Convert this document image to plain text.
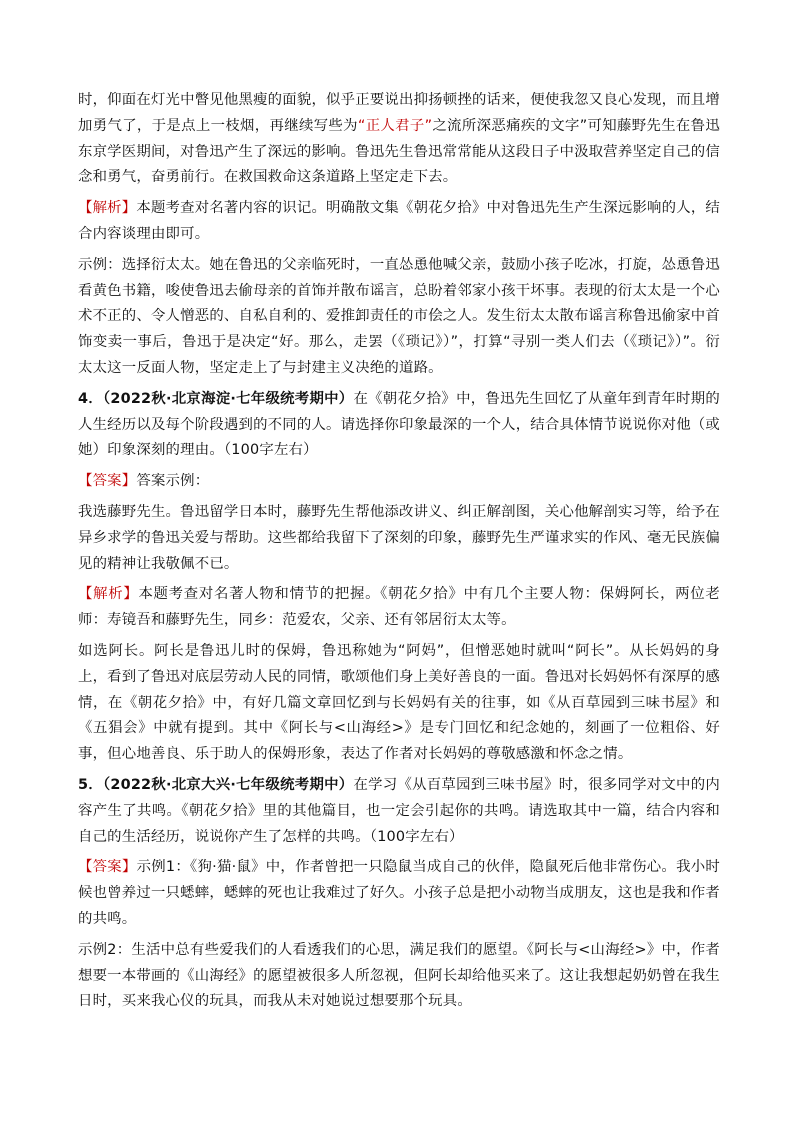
时，仰面在灯光中瞥见他黑瘦的面貌，似乎正要说出抑扬顿挫的话来，便使我忽又良心发现，而且增加勇气了，于是点上一枝烟，再继续写些为“正人君子”之流所深恶痛疾的文字”可知藤野先生在鲁迅东京学医期间，对鲁迅产生了深远的影响。鲁迅先生鲁迅常常能从这段日子中汲取营养坚定自己的信念和勇气，奋勇前行。在救国救命这条道路上坚定走下去。

【解析】本题考查对名著内容的识记。明确散文集《朝花夕拾》中对鲁迅先生产生深远影响的人，结合内容谈理由即可。

示例：选择衍太太。她在鲁迅的父亲临死时，一直怂恿他喊父亲，鼓励小孩子吃冰，打旋，怂恿鲁迅看黄色书籍，唆使鲁迅去偷母亲的首饰并散布谣言，总盼着邻家小孩干坏事。表现的衍太太是一个心术不正的、令人憎恶的、自私自利的、爱推卸责任的市侩之人。发生衍太太散布谣言称鲁迅偷家中首饰变卖一事后，鲁迅于是决定“好。那么，走罢（《琐记》）”，打算“寻别一类人们去（《琐记》）”。衍太太这一反面人物，坚定走上了与封建主义决绝的道路。

4．（2022秋·北京海淀·七年级统考期中）在《朝花夕拾》中，鲁迅先生回忆了从童年到青年时期的人生经历以及每个阶段遇到的不同的人。请选择你印象最深的一个人，结合具体情节说说你对他（或她）印象深刻的理由。（100字左右）

【答案】答案示例：

我选藤野先生。鲁迅留学日本时，藤野先生帮他添改讲义、纠正解剖图，关心他解剖实习等，给予在异乡求学的鲁迅关爱与帮助。这些都给我留下了深刻的印象，藤野先生严谨求实的作风、毫无民族偏见的精神让我敬佩不已。

【解析】本题考查对名著人物和情节的把握。《朝花夕拾》中有几个主要人物：保姆阿长，两位老师：寿镜吾和藤野先生，同乡：范爱农，父亲、还有邻居衍太太等。

如选阿长。阿长是鲁迅儿时的保姆，鲁迅称她为“阿妈”，但憎恶她时就叫“阿长”。从长妈妈的身上，看到了鲁迅对底层劳动人民的同情，歌颂他们身上美好善良的一面。鲁迅对长妈妈怀有深厚的感情，在《朝花夕拾》中，有好几篇文章回忆到与长妈妈有关的往事，如《从百草园到三味书屋》和《五猖会》中就有提到。其中《阿长与<山海经>》是专门回忆和纪念她的，刻画了一位粗俗、好事，但心地善良、乐于助人的保姆形象，表达了作者对长妈妈的尊敬感激和怀念之情。

5．（2022秋·北京大兴·七年级统考期中）在学习《从百草园到三味书屋》时，很多同学对文中的内容产生了共鸣。《朝花夕拾》里的其他篇目，也一定会引起你的共鸣。请选取其中一篇，结合内容和自己的生活经历，说说你产生了怎样的共鸣。（100字左右）

【答案】示例1：《狗·猫·鼠》中，作者曾把一只隐鼠当成自己的伙伴，隐鼠死后他非常伤心。我小时候也曾养过一只蟋蟀，蟋蟀的死也让我难过了好久。小孩子总是把小动物当成朋友，这也是我和作者的共鸣。

示例2：生活中总有些爱我们的人看透我们的心思，满足我们的愿望。《阿长与<山海经>》中，作者想要一本带画的《山海经》的愿望被很多人所忽视，但阿长却给他买来了。这让我想起奶奶曾在我生日时，买来我心仪的玩具，而我从未对她说过想要那个玩具。
